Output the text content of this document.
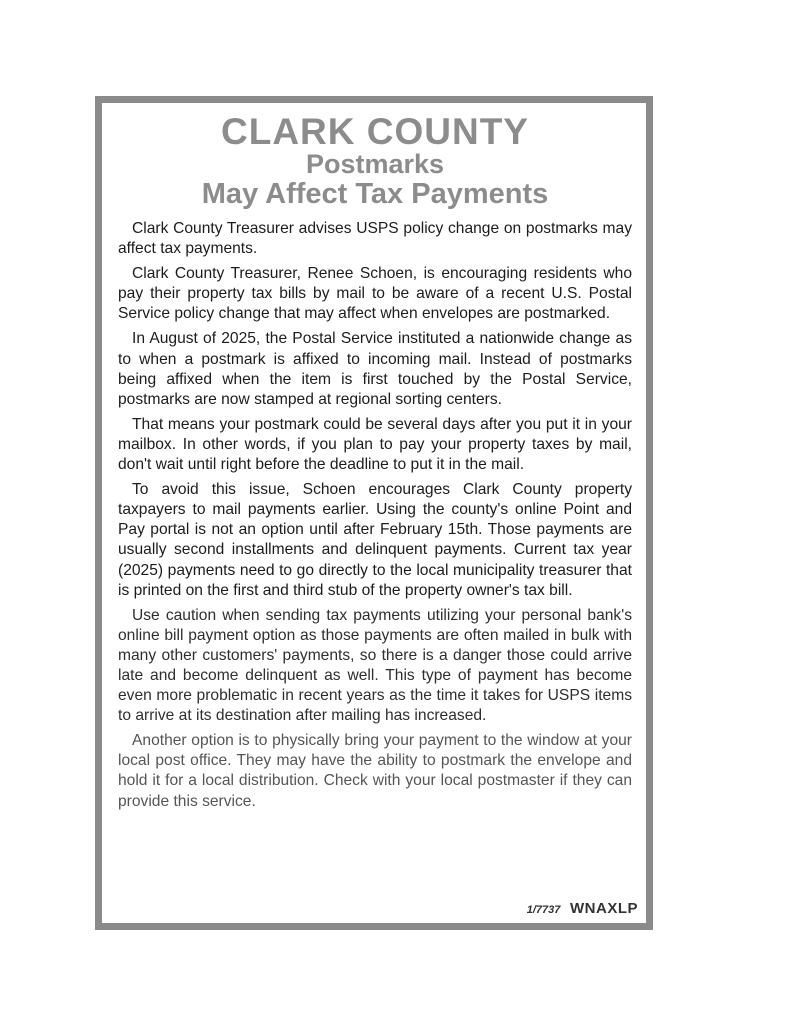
CLARK COUNTY
Postmarks
May Affect Tax Payments

Clark County Treasurer advises USPS policy change on postmarks may affect tax payments.

Clark County Treasurer, Renee Schoen, is encouraging residents who pay their property tax bills by mail to be aware of a recent U.S. Postal Service policy change that may affect when envelopes are postmarked.

In August of 2025, the Postal Service instituted a nationwide change as to when a postmark is affixed to incoming mail. Instead of postmarks being affixed when the item is first touched by the Postal Service, postmarks are now stamped at regional sorting centers.

That means your postmark could be several days after you put it in your mailbox. In other words, if you plan to pay your property taxes by mail, don't wait until right before the deadline to put it in the mail.

To avoid this issue, Schoen encourages Clark County property taxpayers to mail payments earlier. Using the county's online Point and Pay portal is not an option until after February 15th. Those payments are usually second installments and delinquent payments. Current tax year (2025) payments need to go directly to the local municipality treasurer that is printed on the first and third stub of the property owner's tax bill.

Use caution when sending tax payments utilizing your personal bank's online bill payment option as those payments are often mailed in bulk with many other customers' payments, so there is a danger those could arrive late and become delinquent as well. This type of payment has become even more problematic in recent years as the time it takes for USPS items to arrive at its destination after mailing has increased.

Another option is to physically bring your payment to the window at your local post office. They may have the ability to postmark the envelope and hold it for a local distribution. Check with your local postmaster if they can provide this service.

1/7737 WNAXLP
